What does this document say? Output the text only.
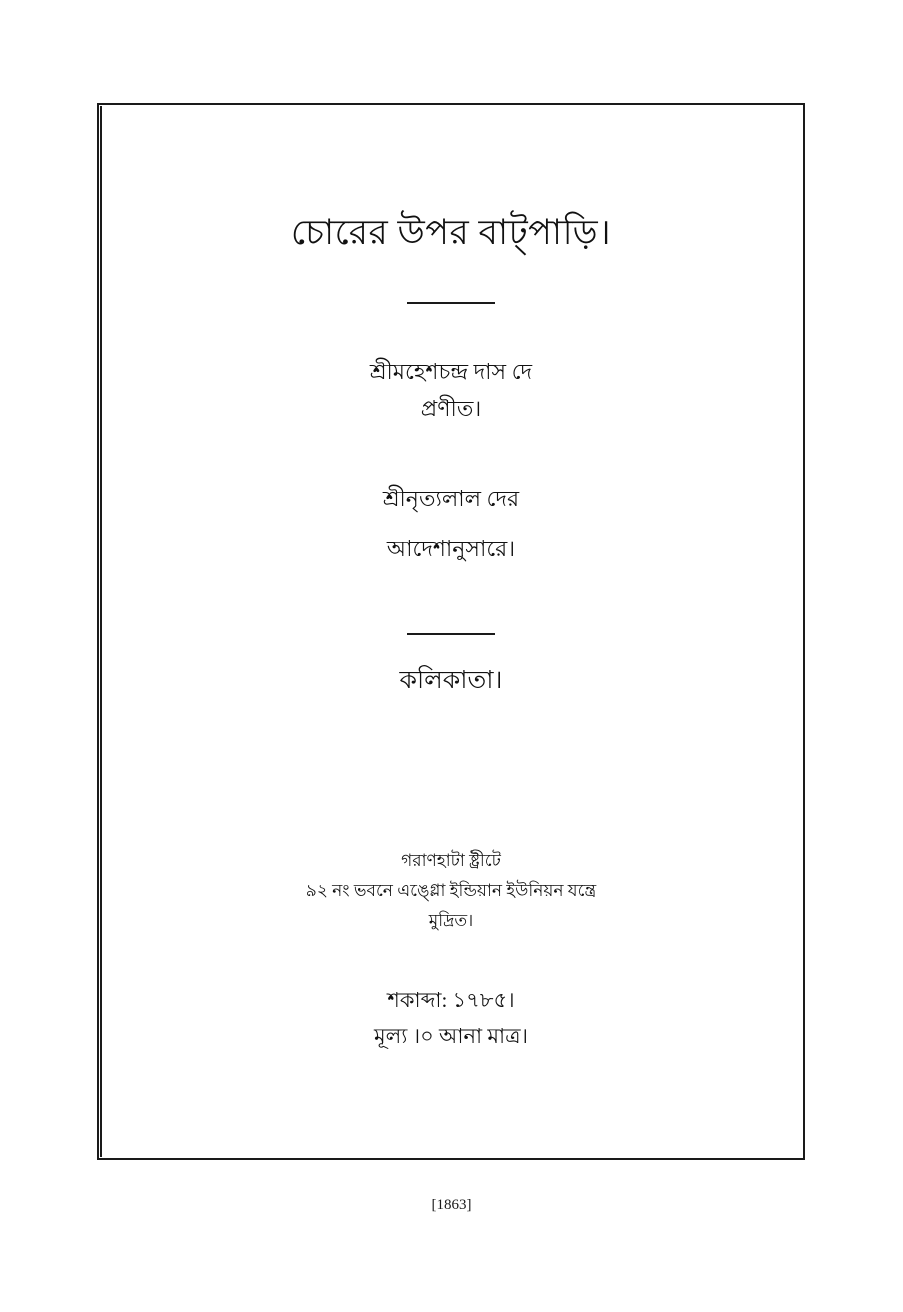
চোরের উপর বাট্‌পাড়ি।
শ্রীমহেশচন্দ্র দাস দে
প্রণীত।
শ্রীনৃত্যলাল দের
আদেশানুসারে।
কলিকাতা।
গরাণহাটা ষ্ট্রীটে
৯২ নং ভবনে এঙ্গ্লো ইন্ডিয়ান ইউনিয়ন যন্ত্রে
মুদ্রিত।
শকাব্দা: ১৭৮৫।
মূল্য ।০ আনা মাত্র।
[1863]
